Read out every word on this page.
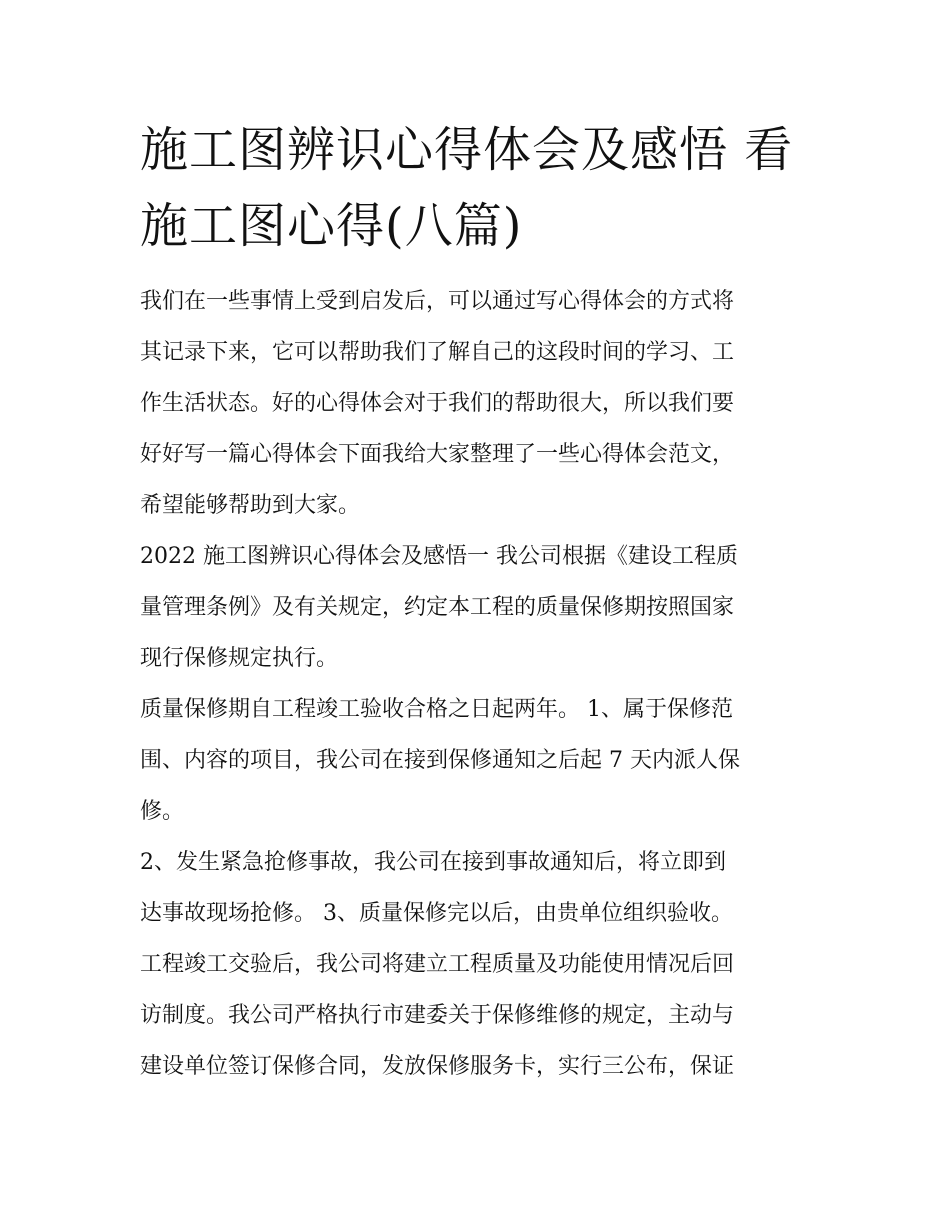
施工图辨识心得体会及感悟 看
施工图心得(八篇)

我们在一些事情上受到启发后，可以通过写心得体会的方式将
其记录下来，它可以帮助我们了解自己的这段时间的学习、工
作生活状态。好的心得体会对于我们的帮助很大，所以我们要
好好写一篇心得体会下面我给大家整理了一些心得体会范文，
希望能够帮助到大家。

2022 施工图辨识心得体会及感悟一 我公司根据《建设工程质
量管理条例》及有关规定，约定本工程的质量保修期按照国家
现行保修规定执行。

质量保修期自工程竣工验收合格之日起两年。 1、属于保修范
围、内容的项目，我公司在接到保修通知之后起 7 天内派人保
修。

2、发生紧急抢修事故，我公司在接到事故通知后，将立即到
达事故现场抢修。 3、质量保修完以后，由贵单位组织验收。
工程竣工交验后，我公司将建立工程质量及功能使用情况后回
访制度。我公司严格执行市建委关于保修维修的规定，主动与
建设单位签订保修合同，发放保修服务卡，实行三公布，保证
